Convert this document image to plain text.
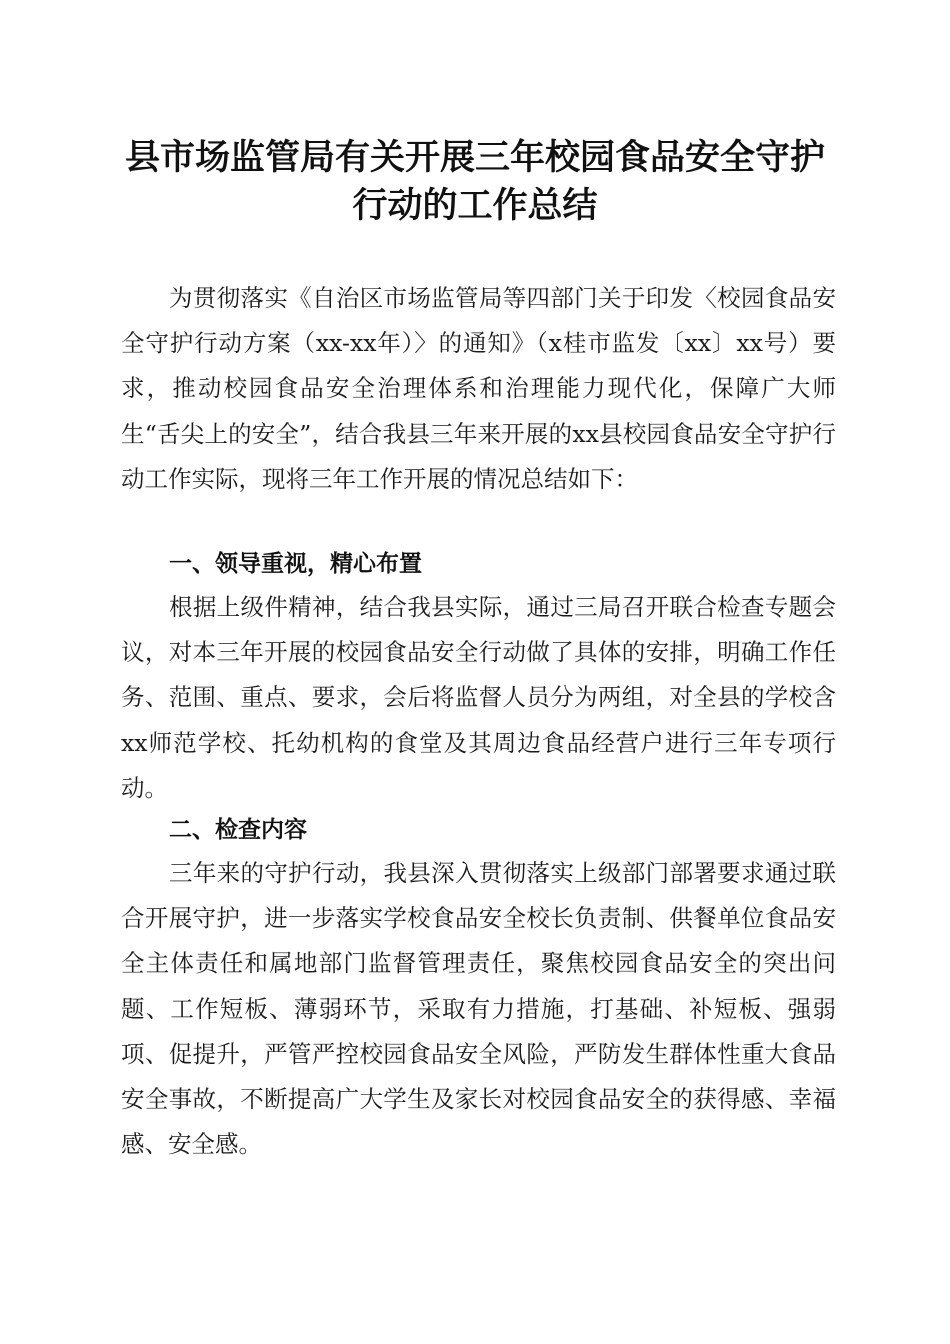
县市场监管局有关开展三年校园食品安全守护
行动的工作总结

为贯彻落实《自治区市场监管局等四部门关于印发〈校园食品安全守护行动方案（xx-xx年）〉的通知》（x桂市监发〔xx〕xx号）要求，推动校园食品安全治理体系和治理能力现代化，保障广大师生“舌尖上的安全”，结合我县三年来开展的xx县校园食品安全守护行动工作实际，现将三年工作开展的情况总结如下：

一、领导重视，精心布置

根据上级件精神，结合我县实际，通过三局召开联合检查专题会议，对本三年开展的校园食品安全行动做了具体的安排，明确工作任务、范围、重点、要求，会后将监督人员分为两组，对全县的学校含xx师范学校、托幼机构的食堂及其周边食品经营户进行三年专项行动。

二、检查内容

三年来的守护行动，我县深入贯彻落实上级部门部署要求通过联合开展守护，进一步落实学校食品安全校长负责制、供餐单位食品安全主体责任和属地部门监督管理责任，聚焦校园食品安全的突出问题、工作短板、薄弱环节，采取有力措施，打基础、补短板、强弱项、促提升，严管严控校园食品安全风险，严防发生群体性重大食品安全事故，不断提高广大学生及家长对校园食品安全的获得感、幸福感、安全感。
